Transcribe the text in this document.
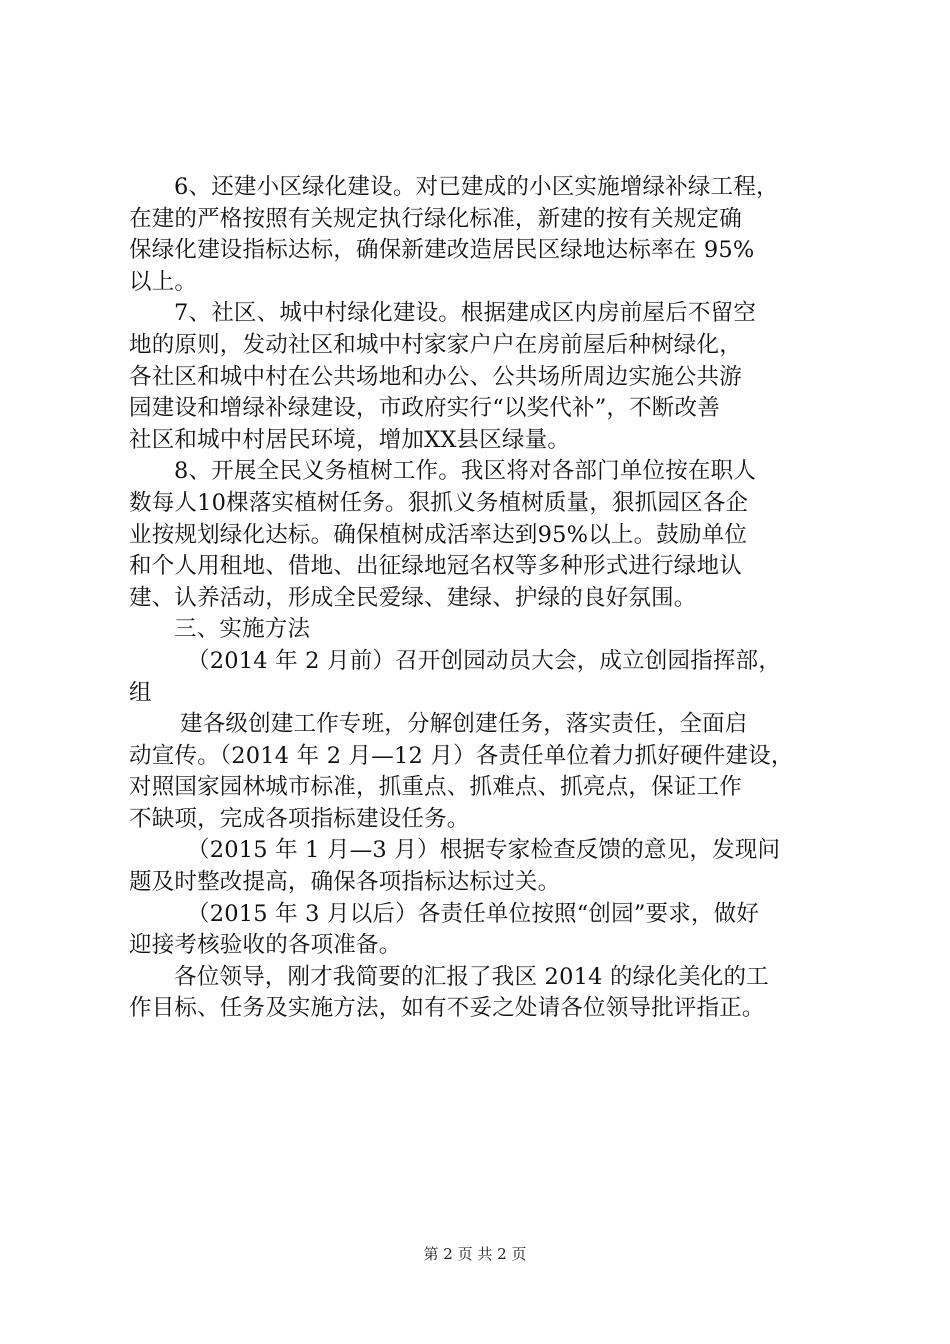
6、还建小区绿化建设。对已建成的小区实施增绿补绿工程，
在建的严格按照有关规定执行绿化标准，新建的按有关规定确
保绿化建设指标达标，确保新建改造居民区绿地达标率在 95%
以上。
7、社区、城中村绿化建设。根据建成区内房前屋后不留空
地的原则，发动社区和城中村家家户户在房前屋后种树绿化，
各社区和城中村在公共场地和办公、公共场所周边实施公共游
园建设和增绿补绿建设，市政府实行“以奖代补”，不断改善
社区和城中村居民环境，增加XX县区绿量。
8、开展全民义务植树工作。我区将对各部门单位按在职人
数每人10棵落实植树任务。狠抓义务植树质量，狠抓园区各企
业按规划绿化达标。确保植树成活率达到95%以上。鼓励单位
和个人用租地、借地、出征绿地冠名权等多种形式进行绿地认
建、认养活动，形成全民爱绿、建绿、护绿的良好氛围。
三、实施方法
（2014 年 2 月前）召开创园动员大会，成立创园指挥部，
组
建各级创建工作专班，分解创建任务，落实责任，全面启
动宣传。（2014 年 2 月—12 月）各责任单位着力抓好硬件建设，
对照国家园林城市标准，抓重点、抓难点、抓亮点，保证工作
不缺项，完成各项指标建设任务。
（2015 年 1 月—3 月）根据专家检查反馈的意见，发现问
题及时整改提高，确保各项指标达标过关。
（2015 年 3 月以后）各责任单位按照“创园”要求，做好
迎接考核验收的各项准备。
各位领导，刚才我简要的汇报了我区 2014 的绿化美化的工
作目标、任务及实施方法，如有不妥之处请各位领导批评指正。
第 2 页 共 2 页
